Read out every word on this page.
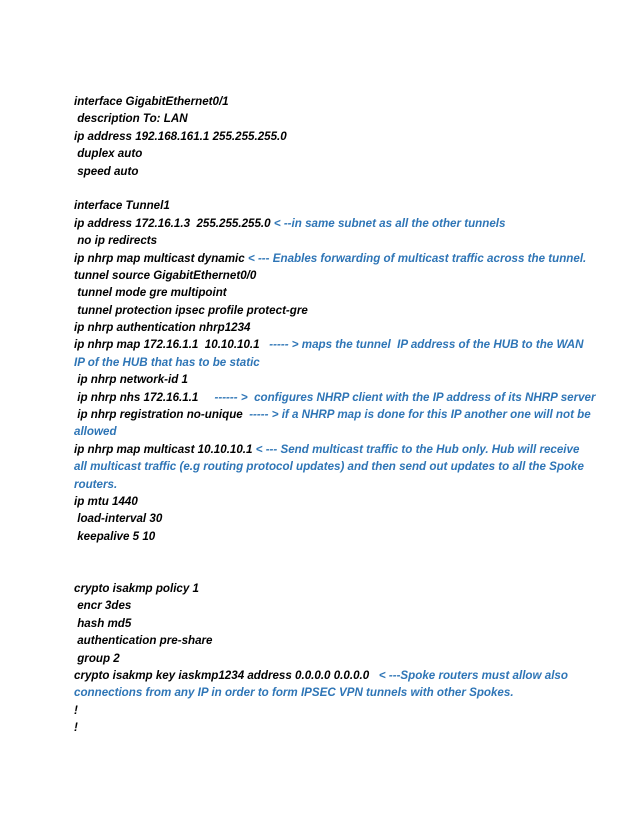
interface GigabitEthernet0/1
description To: LAN
ip address 192.168.161.1 255.255.255.0
duplex auto
speed auto
interface Tunnel1
ip address 172.16.1.3  255.255.255.0 < --in same subnet as all the other tunnels
no ip redirects
ip nhrp map multicast dynamic < --- Enables forwarding of multicast traffic across the tunnel.
tunnel source GigabitEthernet0/0
tunnel mode gre multipoint
tunnel protection ipsec profile protect-gre
ip nhrp authentication nhrp1234
ip nhrp map 172.16.1.1  10.10.10.1   ----- > maps the tunnel  IP address of the HUB to the WAN
IP of the HUB that has to be static
ip nhrp network-id 1
ip nhrp nhs 172.16.1.1     ------ >  configures NHRP client with the IP address of its NHRP server
ip nhrp registration no-unique  ----- > if a NHRP map is done for this IP another one will not be
allowed
ip nhrp map multicast 10.10.10.1 < --- Send multicast traffic to the Hub only. Hub will receive
all multicast traffic (e.g routing protocol updates) and then send out updates to all the Spoke
routers.
ip mtu 1440
load-interval 30
keepalive 5 10
crypto isakmp policy 1
encr 3des
hash md5
authentication pre-share
group 2
crypto isakmp key iaskmp1234 address 0.0.0.0 0.0.0.0   < ---Spoke routers must allow also
connections from any IP in order to form IPSEC VPN tunnels with other Spokes.
!
!
